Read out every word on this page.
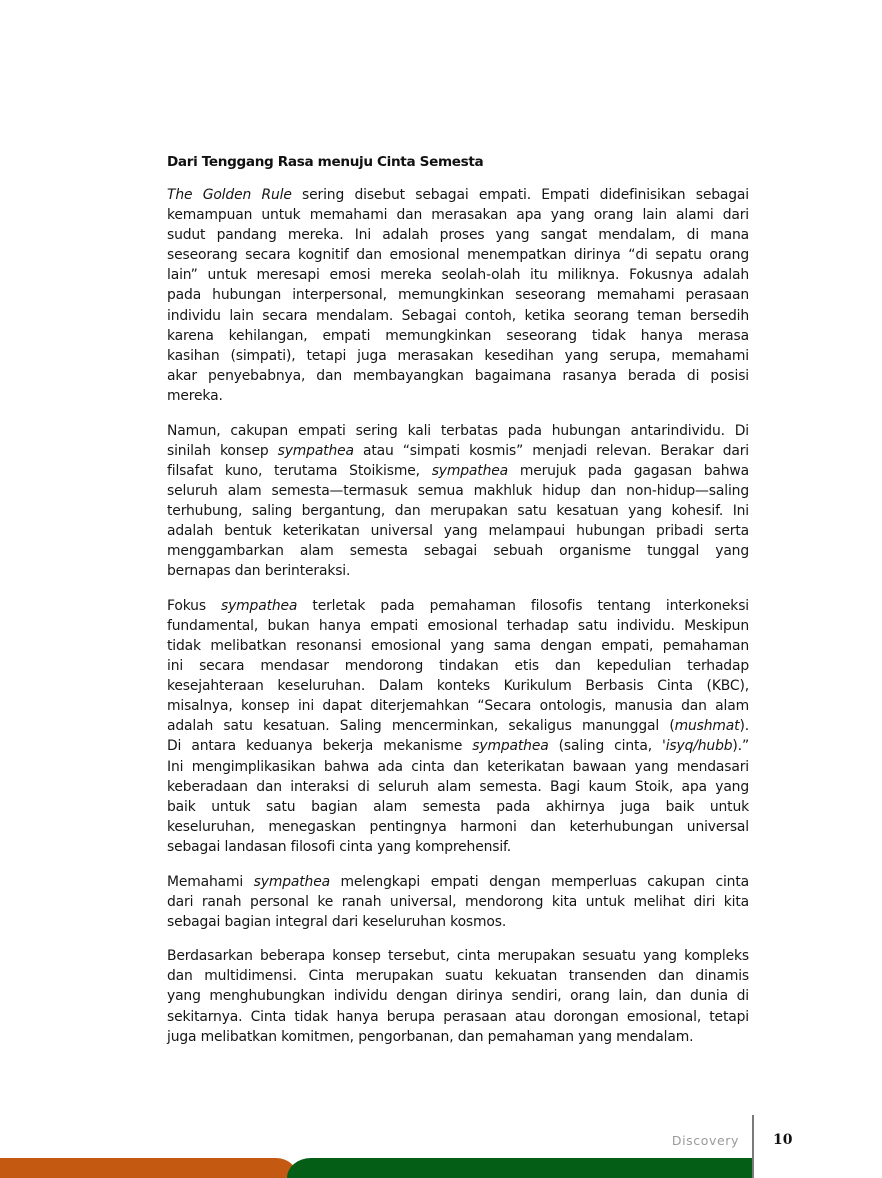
Dari Tenggang Rasa menuju Cinta Semesta
The Golden Rule sering disebut sebagai empati. Empati didefinisikan sebagai
kemampuan untuk memahami dan merasakan apa yang orang lain alami dari
sudut pandang mereka. Ini adalah proses yang sangat mendalam, di mana
seseorang secara kognitif dan emosional menempatkan dirinya “di sepatu orang
lain” untuk meresapi emosi mereka seolah-olah itu miliknya. Fokusnya adalah
pada hubungan interpersonal, memungkinkan seseorang memahami perasaan
individu lain secara mendalam. Sebagai contoh, ketika seorang teman bersedih
karena kehilangan, empati memungkinkan seseorang tidak hanya merasa
kasihan (simpati), tetapi juga merasakan kesedihan yang serupa, memahami
akar penyebabnya, dan membayangkan bagaimana rasanya berada di posisi
mereka.
Namun, cakupan empati sering kali terbatas pada hubungan antarindividu. Di
sinilah konsep sympathea atau “simpati kosmis” menjadi relevan. Berakar dari
filsafat kuno, terutama Stoikisme, sympathea merujuk pada gagasan bahwa
seluruh alam semesta—termasuk semua makhluk hidup dan non-hidup—saling
terhubung, saling bergantung, dan merupakan satu kesatuan yang kohesif. Ini
adalah bentuk keterikatan universal yang melampaui hubungan pribadi serta
menggambarkan alam semesta sebagai sebuah organisme tunggal yang
bernapas dan berinteraksi.
Fokus sympathea terletak pada pemahaman filosofis tentang interkoneksi
fundamental, bukan hanya empati emosional terhadap satu individu. Meskipun
tidak melibatkan resonansi emosional yang sama dengan empati, pemahaman
ini secara mendasar mendorong tindakan etis dan kepedulian terhadap
kesejahteraan keseluruhan. Dalam konteks Kurikulum Berbasis Cinta (KBC),
misalnya, konsep ini dapat diterjemahkan “Secara ontologis, manusia dan alam
adalah satu kesatuan. Saling mencerminkan, sekaligus manunggal (mushmat).
Di antara keduanya bekerja mekanisme sympathea (saling cinta, 'isyq/hubb).”
Ini mengimplikasikan bahwa ada cinta dan keterikatan bawaan yang mendasari
keberadaan dan interaksi di seluruh alam semesta. Bagi kaum Stoik, apa yang
baik untuk satu bagian alam semesta pada akhirnya juga baik untuk
keseluruhan, menegaskan pentingnya harmoni dan keterhubungan universal
sebagai landasan filosofi cinta yang komprehensif.
Memahami sympathea melengkapi empati dengan memperluas cakupan cinta
dari ranah personal ke ranah universal, mendorong kita untuk melihat diri kita
sebagai bagian integral dari keseluruhan kosmos.
Berdasarkan beberapa konsep tersebut, cinta merupakan sesuatu yang kompleks
dan multidimensi. Cinta merupakan suatu kekuatan transenden dan dinamis
yang menghubungkan individu dengan dirinya sendiri, orang lain, dan dunia di
sekitarnya. Cinta tidak hanya berupa perasaan atau dorongan emosional, tetapi
juga melibatkan komitmen, pengorbanan, dan pemahaman yang mendalam.
Discovery 10
